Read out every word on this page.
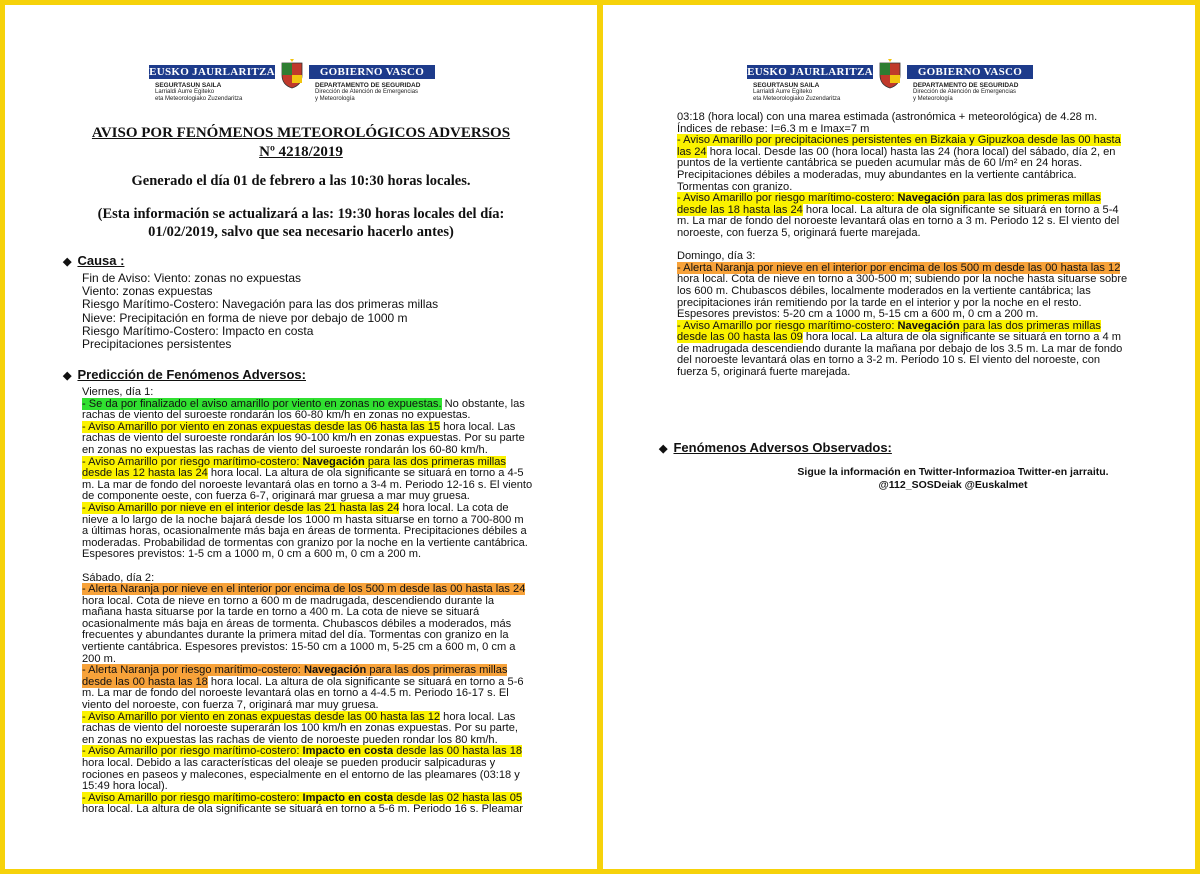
EUSKO JAURLARITZA	GOBIERNO VASCO
SEGURTASUN SAILA
Larrialdi Aurre Egiteko
eta Meteorologiako Zuzendaritza
DEPARTAMENTO DE SEGURIDAD
Dirección de Atención de Emergencias
y Meteorología
AVISO POR FENÓMENOS METEOROLÓGICOS ADVERSOS
Nº 4218/2019
Generado el día 01 de febrero a las 10:30 horas locales.
(Esta información se actualizará a las: 19:30 horas locales del día:
01/02/2019, salvo que sea necesario hacerlo antes)
◆ Causa :
Fin de Aviso: Viento: zonas no expuestas
Viento: zonas expuestas
Riesgo Marítimo-Costero: Navegación para las dos primeras millas
Nieve: Precipitación en forma de nieve por debajo de 1000 m
Riesgo Marítimo-Costero: Impacto en costa
Precipitaciones persistentes
◆ Predicción de Fenómenos Adversos:
Viernes, día 1:
- Se da por finalizado el aviso amarillo por viento en zonas no expuestas. No obstante, las
rachas de viento del suroeste rondarán los 60-80 km/h en zonas no expuestas.
- Aviso Amarillo por viento en zonas expuestas desde las 06 hasta las 15 hora local. Las
rachas de viento del suroeste rondarán los 90-100 km/h en zonas expuestas. Por su parte
en zonas no expuestas las rachas de viento del suroeste rondarán los 60-80 km/h.
- Aviso Amarillo por riesgo marítimo-costero: Navegación para las dos primeras millas
desde las 12 hasta las 24 hora local. La altura de ola significante se situará en torno a 4-5
m. La mar de fondo del noroeste levantará olas en torno a 3-4 m. Periodo 12-16 s. El viento
de componente oeste, con fuerza 6-7, originará mar gruesa a mar muy gruesa.
- Aviso Amarillo por nieve en el interior desde las 21 hasta las 24 hora local. La cota de
nieve a lo largo de la noche bajará desde los 1000 m hasta situarse en torno a 700-800 m
a últimas horas, ocasionalmente más baja en áreas de tormenta. Precipitaciones débiles a
moderadas. Probabilidad de tormentas con granizo por la noche en la vertiente cantábrica.
Espesores previstos: 1-5 cm a 1000 m, 0 cm a 600 m, 0 cm a 200 m.
Sábado, día 2:
- Alerta Naranja por nieve en el interior por encima de los 500 m desde las 00 hasta las 24
hora local. Cota de nieve en torno a 600 m de madrugada, descendiendo durante la
mañana hasta situarse por la tarde en torno a 400 m. La cota de nieve se situará
ocasionalmente más baja en áreas de tormenta. Chubascos débiles a moderados, más
frecuentes y abundantes durante la primera mitad del día. Tormentas con granizo en la
vertiente cantábrica. Espesores previstos: 15-50 cm a 1000 m, 5-25 cm a 600 m, 0 cm a
200 m.
- Alerta Naranja por riesgo marítimo-costero: Navegación para las dos primeras millas
desde las 00 hasta las 18 hora local. La altura de ola significante se situará en torno a 5-6
m. La mar de fondo del noroeste levantará olas en torno a 4-4.5 m. Periodo 16-17 s. El
viento del noroeste, con fuerza 7, originará mar muy gruesa.
- Aviso Amarillo por viento en zonas expuestas desde las 00 hasta las 12 hora local. Las
rachas de viento del noroeste superarán los 100 km/h en zonas expuestas. Por su parte,
en zonas no expuestas las rachas de viento de noroeste pueden rondar los 80 km/h.
- Aviso Amarillo por riesgo marítimo-costero: Impacto en costa desde las 00 hasta las 18
hora local. Debido a las características del oleaje se pueden producir salpicaduras y
rociones en paseos y malecones, especialmente en el entorno de las pleamares (03:18 y
15:49 hora local).
- Aviso Amarillo por riesgo marítimo-costero: Impacto en costa desde las 02 hasta las 05
hora local. La altura de ola significante se situará en torno a 5-6 m. Periodo 16 s. Pleamar
EUSKO JAURLARITZA	GOBIERNO VASCO
SEGURTASUN SAILA
Larrialdi Aurre Egiteko
eta Meteorologiako Zuzendaritza
DEPARTAMENTO DE SEGURIDAD
Dirección de Atención de Emergencias
y Meteorología
03:18 (hora local) con una marea estimada (astronómica + meteorológica) de 4.28 m.
Índices de rebase: I=6.3 m e Imax=7 m
- Aviso Amarillo por precipitaciones persistentes en Bizkaia y Gipuzkoa desde las 00 hasta
las 24 hora local. Desde las 00 (hora local) hasta las 24 (hora local) del sábado, día 2, en
puntos de la vertiente cantábrica se pueden acumular más de 60 l/m² en 24 horas.
Precipitaciones débiles a moderadas, muy abundantes en la vertiente cantábrica.
Tormentas con granizo.
- Aviso Amarillo por riesgo marítimo-costero: Navegación para las dos primeras millas
desde las 18 hasta las 24 hora local. La altura de ola significante se situará en torno a 5-4
m. La mar de fondo del noroeste levantará olas en torno a 3 m. Periodo 12 s. El viento del
noroeste, con fuerza 5, originará fuerte marejada.
Domingo, día 3:
- Alerta Naranja por nieve en el interior por encima de los 500 m desde las 00 hasta las 12
hora local. Cota de nieve en torno a 300-500 m; subiendo por la noche hasta situarse sobre
los 600 m. Chubascos débiles, localmente moderados en la vertiente cantábrica; las
precipitaciones irán remitiendo por la tarde en el interior y por la noche en el resto.
Espesores previstos: 5-20 cm a 1000 m, 5-15 cm a 600 m, 0 cm a 200 m.
- Aviso Amarillo por riesgo marítimo-costero: Navegación para las dos primeras millas
desde las 00 hasta las 09 hora local. La altura de ola significante se situará en torno a 4 m
de madrugada descendiendo durante la mañana por debajo de los 3.5 m. La mar de fondo
del noroeste levantará olas en torno a 3-2 m. Periodo 10 s. El viento del noroeste, con
fuerza 5, originará fuerte marejada.
◆ Fenómenos Adversos Observados:
Sigue la información en Twitter-Informazioa Twitter-en jarraitu.
@112_SOSDeiak @Euskalmet
